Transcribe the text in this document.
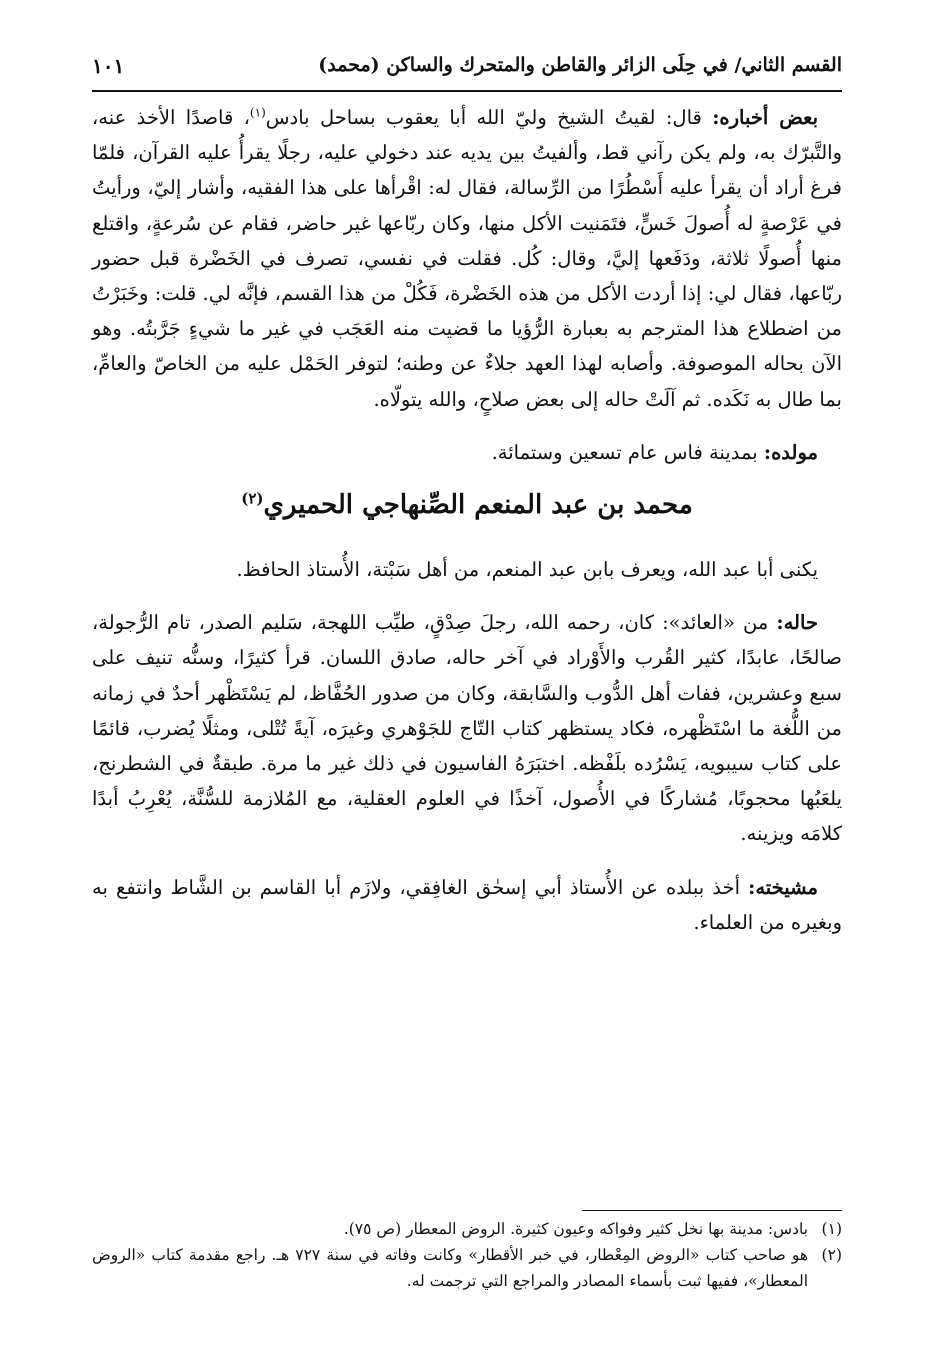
القسم الثاني/ في حِلَى الزائر والقاطن والمتحرك والساكن (محمد)
١٠١

بعض أخباره: قال: لقيتُ الشيخ وليّ الله أبا يعقوب بساحل بادس$^{(١)}$، قاصدًا الأخذ عنه، والتَّبرّك به، ولم يكن رآني قط، وألفيتُ بين يديه عند دخولي عليه، رجلًا يقرأُ عليه القرآن، فلمّا فرغ أراد أن يقرأ عليه أَسْطُرًا من الرِّسالة، فقال له: اقْرأها على هذا الفقيه، وأشار إليّ، ورأيتُ في عَرْصةٍ له أُصولَ خَسٍّ، فتَمَنيت الأكل منها، وكان ربّاعها غير حاضر، فقام عن سُرعةٍ، واقتلع منها أُصولًا ثلاثة، ودَفَعها إليَّ، وقال: كُل. فقلت في نفسي، تصرف في الخَضْرة قبل حضور ربّاعها، فقال لي: إذا أردت الأكل من هذه الخَضْرة، فَكُلْ من هذا القسم، فإنَّه لي. قلت: وخَبَرْتُ من اضطلاع هذا المترجم به بعبارة الرُّؤيا ما قضيت منه العَجَب في غير ما شيءٍ جَرَّبتُه. وهو الآن بحاله الموصوفة. وأصابه لهذا العهد جلاءٌ عن وطنه؛ لتوفر الحَمْل عليه من الخاصّ والعامِّ، بما طال به نَكَده. ثم آلَتْ حاله إلى بعض صلاحٍ، والله يتولّاه.

مولده: بمدينة فاس عام تسعين وستمائة.

محمد بن عبد المنعم الصِّنهاجي الحميري$^{(٢)}$

يكنى أبا عبد الله، ويعرف بابن عبد المنعم، من أهل سَبْتة، الأُستاذ الحافظ.

حاله: من «العائد»: كان، رحمه الله، رجلَ صِدْقٍ، طيِّب اللهجة، سَليم الصدر، تام الرُّجولة، صالحًا، عابدًا، كثير القُرب والأَوْراد في آخر حاله، صادق اللسان. قرأ كثيرًا، وسنُّه تنيف على سبع وعشرين، ففات أهل الدُّوب والسَّابقة، وكان من صدور الحُفَّاظ، لم يَسْتَظْهر أحدٌ في زمانه من اللُّغة ما اسْتَظْهره، فكاد يستظهر كتاب التّاج للجَوْهري وغيرَه، آيةً تُتْلى، ومثلًا يُضرب، قائمًا على كتاب سيبويه، يَسْرُده بلَفْظه. اختبَرَهُ الفاسيون في ذلك غير ما مرة. طبقةٌ في الشطرنج، يلعَبُها محجوبًا، مُشاركًا في الأُصول، آخذًا في العلوم العقلية، مع المُلازمة للسُّنَّة، يُعْرِبُ أبدًا كلامَه ويزينه.

مشيخته: أخذ ببلده عن الأُستاذ أبي إسحٰق الغافِقي، ولازَم أبا القاسم بن الشَّاط وانتفع به وبغيره من العلماء.

(١)
بادس: مدينة بها نخل كثير وفواكه وعيون كثيرة. الروض المعطار (ص ٧٥).

(٢)
هو صاحب كتاب «الروض المِعْطار، في خبر الأقطار» وكانت وفاته في سنة ٧٢٧ هـ. راجع مقدمة كتاب «الروض المعطار»، ففيها ثبت بأسماء المصادر والمراجع التي ترجمت له.
